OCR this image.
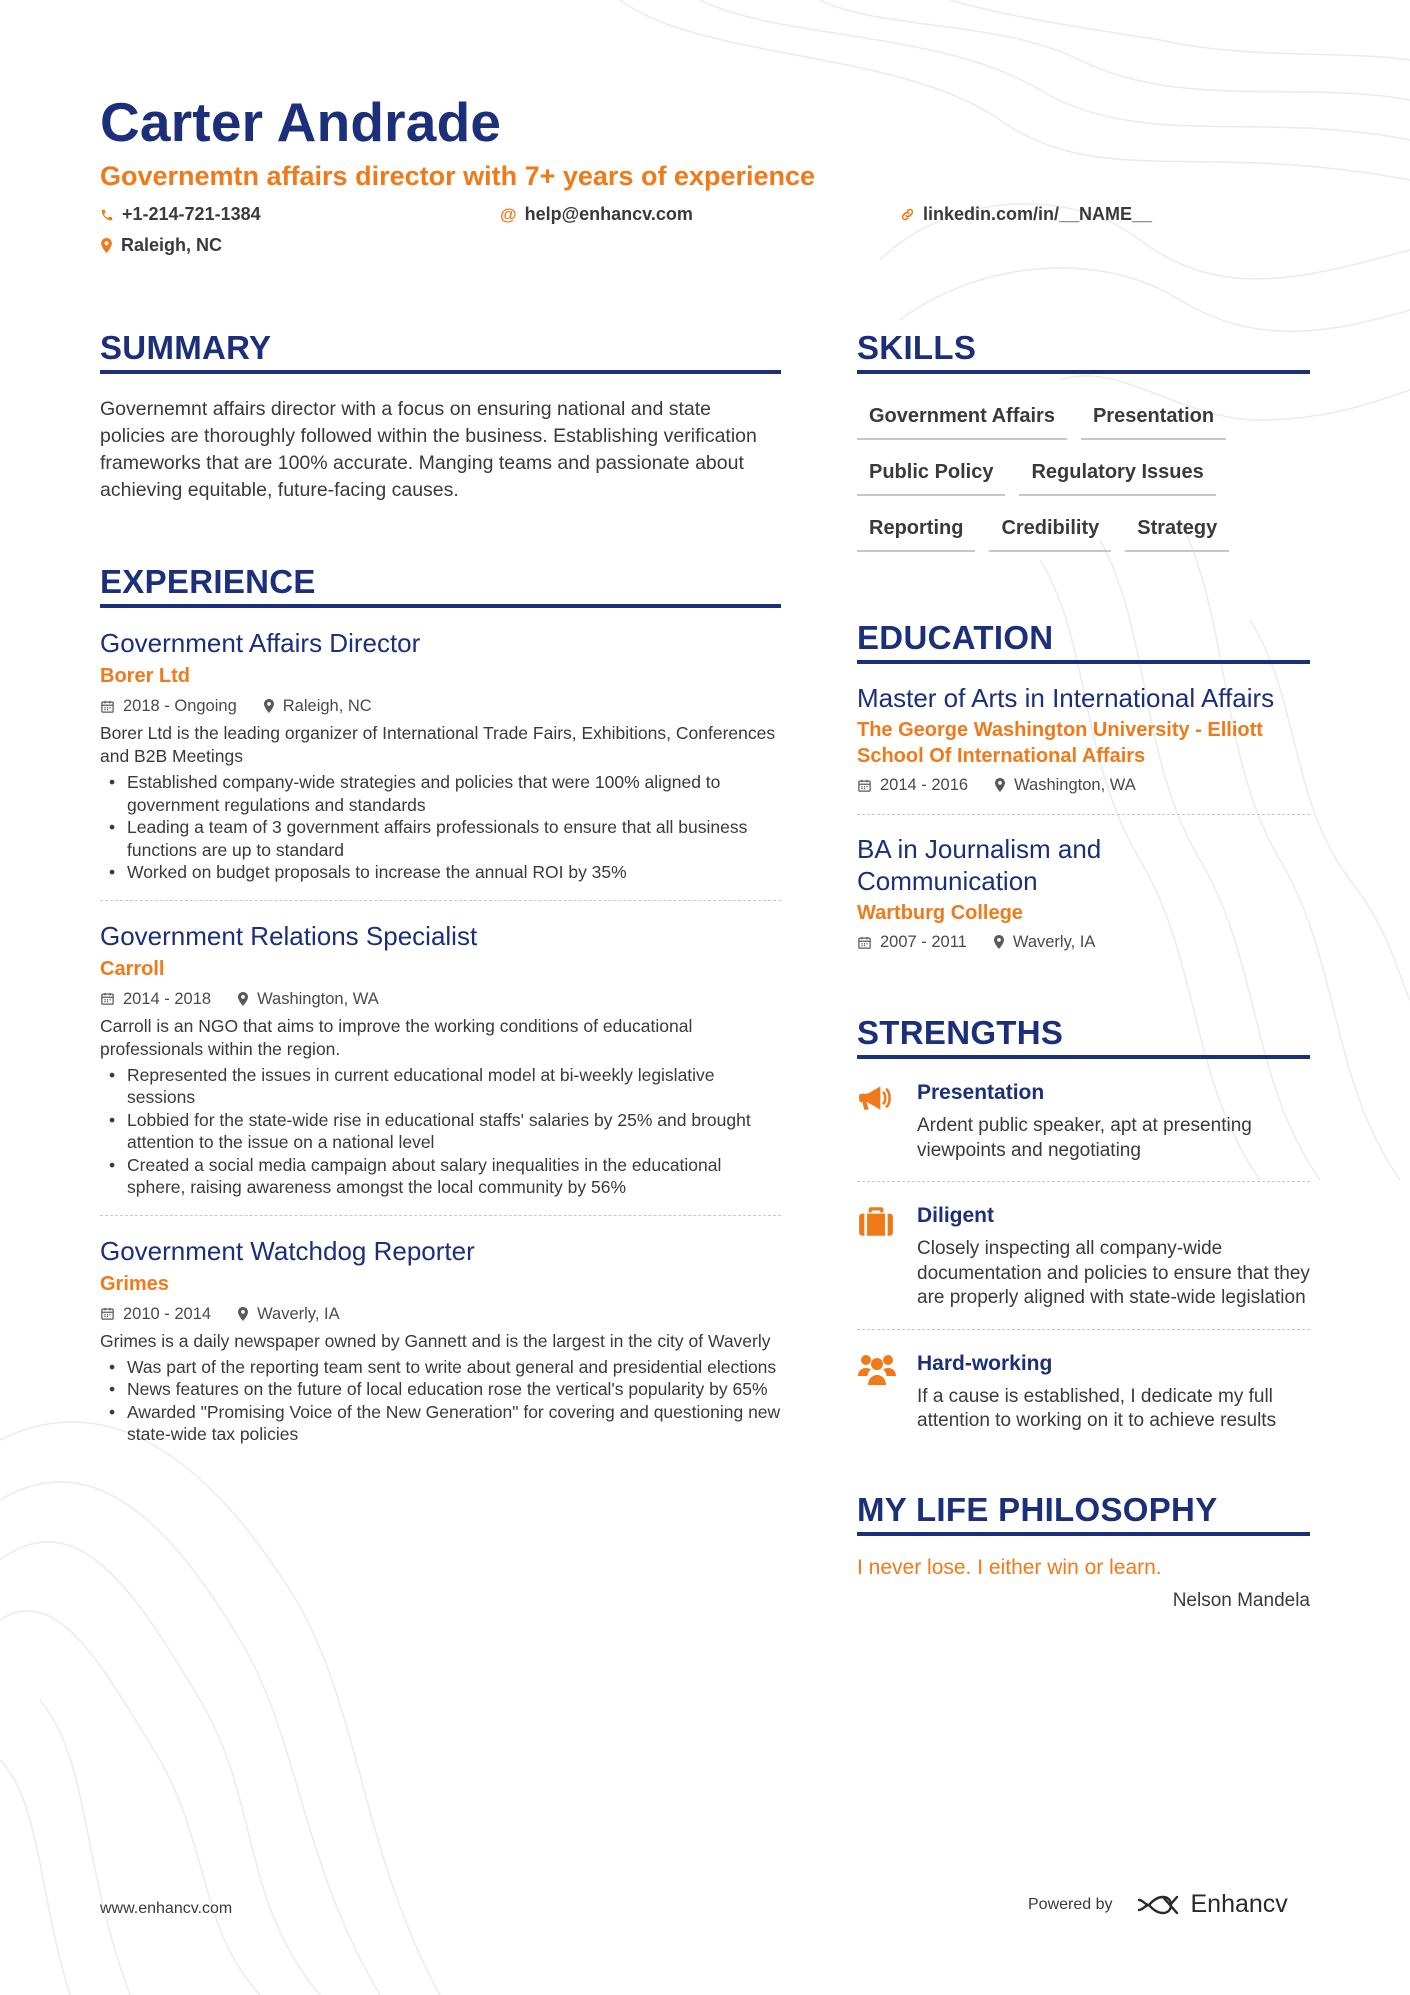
Carter Andrade
Governemtn affairs director with 7+ years of experience
+1-214-721-1384	@ help@enhancv.com	linkedin.com/in/__NAME__
Raleigh, NC
SUMMARY
Governemnt affairs director with a focus on ensuring national and state policies are thoroughly followed within the business. Establishing verification frameworks that are 100% accurate. Manging teams and passionate about achieving equitable, future-facing causes.
EXPERIENCE
Government Affairs Director
Borer Ltd
2018 - Ongoing	Raleigh, NC
Borer Ltd is the leading organizer of International Trade Fairs, Exhibitions, Conferences and B2B Meetings
• Established company-wide strategies and policies that were 100% aligned to government regulations and standards
• Leading a team of 3 government affairs professionals to ensure that all business functions are up to standard
• Worked on budget proposals to increase the annual ROI by 35%
Government Relations Specialist
Carroll
2014 - 2018	Washington, WA
Carroll is an NGO that aims to improve the working conditions of educational professionals within the region.
• Represented the issues in current educational model at bi-weekly legislative sessions
• Lobbied for the state-wide rise in educational staffs' salaries by 25% and brought attention to the issue on a national level
• Created a social media campaign about salary inequalities in the educational sphere, raising awareness amongst the local community by 56%
Government Watchdog Reporter
Grimes
2010 - 2014	Waverly, IA
Grimes is a daily newspaper owned by Gannett and is the largest in the city of Waverly
• Was part of the reporting team sent to write about general and presidential elections
• News features on the future of local education rose the vertical's popularity by 65%
• Awarded "Promising Voice of the New Generation" for covering and questioning new state-wide tax policies
SKILLS
Government Affairs	Presentation
Public Policy	Regulatory Issues
Reporting	Credibility	Strategy
EDUCATION
Master of Arts in International Affairs
The George Washington University - Elliott School Of International Affairs
2014 - 2016	Washington, WA
BA in Journalism and Communication
Wartburg College
2007 - 2011	Waverly, IA
STRENGTHS
Presentation
Ardent public speaker, apt at presenting viewpoints and negotiating
Diligent
Closely inspecting all company-wide documentation and policies to ensure that they are properly aligned with state-wide legislation
Hard-working
If a cause is established, I dedicate my full attention to working on it to achieve results
MY LIFE PHILOSOPHY
I never lose. I either win or learn.
Nelson Mandela
www.enhancv.com	Powered by	Enhancv
